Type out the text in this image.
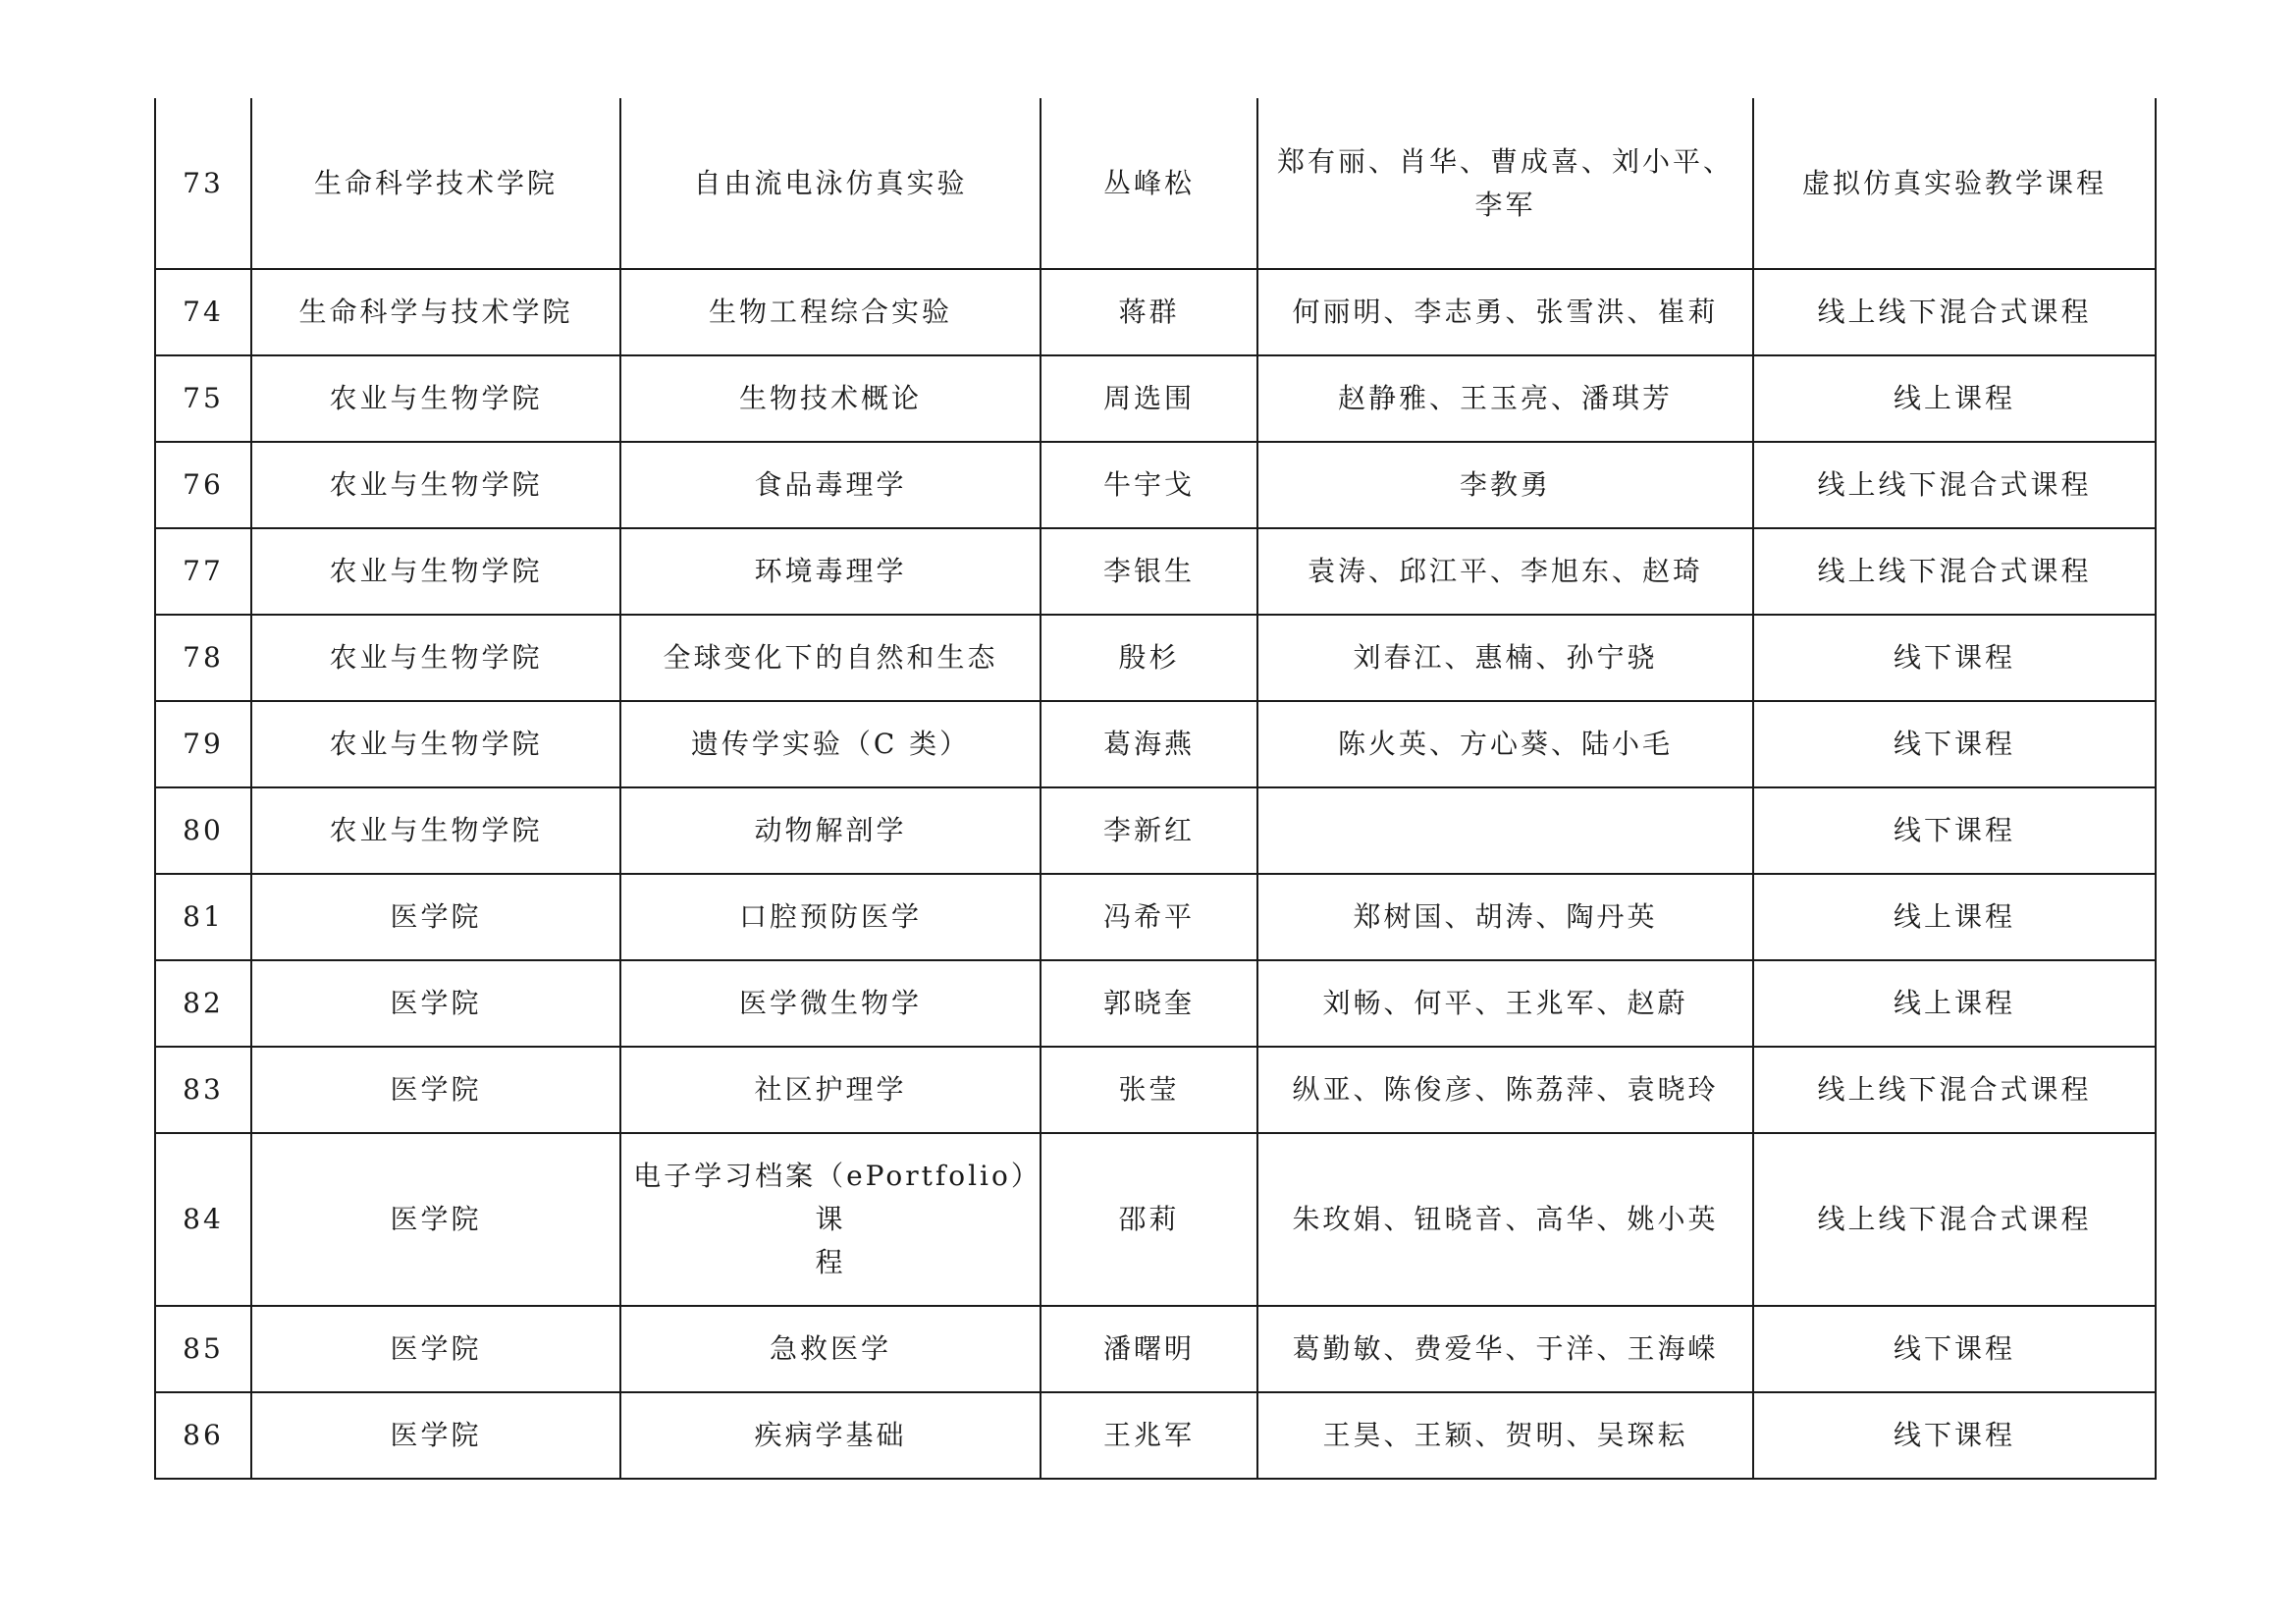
73	生命科学技术学院	自由流电泳仿真实验	丛峰松	郑有丽、肖华、曹成喜、刘小平、
李军	虚拟仿真实验教学课程
74	生命科学与技术学院	生物工程综合实验	蒋群	何丽明、李志勇、张雪洪、崔莉	线上线下混合式课程
75	农业与生物学院	生物技术概论	周选围	赵静雅、王玉亮、潘琪芳	线上课程
76	农业与生物学院	食品毒理学	牛宇戈	李教勇	线上线下混合式课程
77	农业与生物学院	环境毒理学	李银生	袁涛、邱江平、李旭东、赵琦	线上线下混合式课程
78	农业与生物学院	全球变化下的自然和生态	殷杉	刘春江、惠楠、孙宁骁	线下课程
79	农业与生物学院	遗传学实验（C 类）	葛海燕	陈火英、方心葵、陆小毛	线下课程
80	农业与生物学院	动物解剖学	李新红		线下课程
81	医学院	口腔预防医学	冯希平	郑树国、胡涛、陶丹英	线上课程
82	医学院	医学微生物学	郭晓奎	刘畅、何平、王兆军、赵蔚	线上课程
83	医学院	社区护理学	张莹	纵亚、陈俊彦、陈荔萍、袁晓玲	线上线下混合式课程
84	医学院	电子学习档案（ePortfolio）课
程	邵莉	朱玫娟、钮晓音、高华、姚小英	线上线下混合式课程
85	医学院	急救医学	潘曙明	葛勤敏、费爱华、于洋、王海嵘	线下课程
86	医学院	疾病学基础	王兆军	王昊、王颖、贺明、吴琛耘	线下课程
